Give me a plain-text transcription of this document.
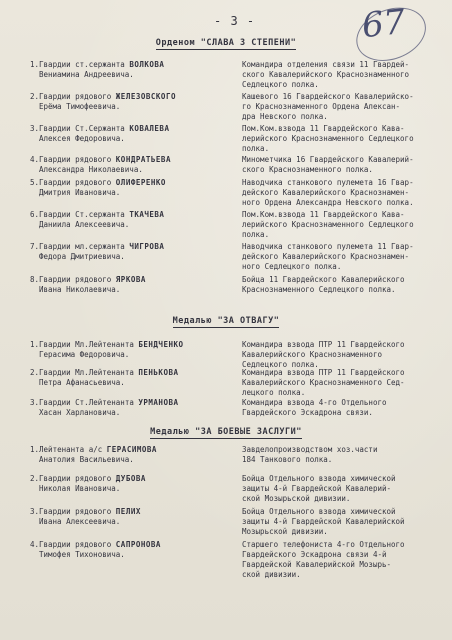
- 3 -	67
Орденом "СЛАВА 3 СТЕПЕНИ"
1.Гвардии ст.сержанта ВОЛКОВА
Вениамина Андреевича.
Командира отделения связи 11 Гвардей-
ского Кавалерийского Краснознаменного
Седлецкого полка.
2.Гвардии рядового ЖЕЛЕЗОВСКОГО
Ерёма Тимофеевича.
Кашевого 16 Гвардейского Кавалерийско-
го Краснознаменного Ордена Алексан-
дра Невского полка.
3.Гвардии Ст.Сержанта КОВАЛЕВА
Алексея Федоровича.
Пом.Ком.взвода 11 Гвардейского Кава-
лерийского Краснознаменного Седлецкого
полка.
4.Гвардии рядового КОНДРАТЬЕВА
Александра Николаевича.
Минометчика 16 Гвардейского Кавалерий-
ского Краснознаменного полка.
5.Гвардии рядового ОЛИФЕРЕНКО
Дмитрия Ивановича.
Наводчика станкового пулемета 16 Гвар-
дейского Кавалерийского Краснознамен-
ного Ордена Александра Невского полка.
6.Гвардии Ст.сержанта ТКАЧЕВА
Даниила Алексеевича.
Пом.Ком.взвода 11 Гвардейского Кава-
лерийского Краснознаменного Седлецкого
полка.
7.Гвардии мл.сержанта ЧИГРОВА
Федора Дмитриевича.
Наводчика станкового пулемета 11 Гвар-
дейского Кавалерийского Краснознамен-
ного Седлецкого полка.
8.Гвардии рядового ЯРКОВА
Ивана Николаевича.
Бойца 11 Гвардейского Кавалерийского
Краснознаменного Седлецкого полка.
Медалью "ЗА ОТВАГУ"
1.Гвардии Мл.Лейтенанта БЕНДЧЕНКО
Герасима Федоровича.
Командира взвода ПТР 11 Гвардейского
Кавалерийского Краснознаменного
Седлецкого полка.
2.Гвардии Мл.Лейтенанта ПЕНЬКОВА
Петра Афанасьевича.
Командира взвода ПТР 11 Гвардейского
Кавалерийского Краснознаменного Сед-
лецкого полка.
3.Гвардии Ст.Лейтенанта УРМАНОВА
Хасан Харлановича.
Командира взвода 4-го Отдельного
Гвардейского Эскадрона связи.
Медалью "ЗА БОЕВЫЕ ЗАСЛУГИ"
1.Лейтенанта а/с ГЕРАСИМОВА
Анатолия Васильевича.
Завделопроизводством хоз.части
184 Танкового полка.
2.Гвардии рядового ДУБОВА
Николая Ивановича.
Бойца Отдельного взвода химической
защиты 4-й Гвардейской Кавалерий-
ской Мозырьской дивизии.
3.Гвардии рядового ПЕЛИХ
Ивана Алексеевича.
Бойца Отдельного взвода химической
защиты 4-й Гвардейской Кавалерийской
Мозырьской дивизии.
4.Гвардии рядового САПРОНОВА
Тимофея Тихоновича.
Старшего телефониста 4-го Отдельного
Гвардейского Эскадрона связи 4-й
Гвардейской Кавалерийской Мозырь-
ской дивизии.
